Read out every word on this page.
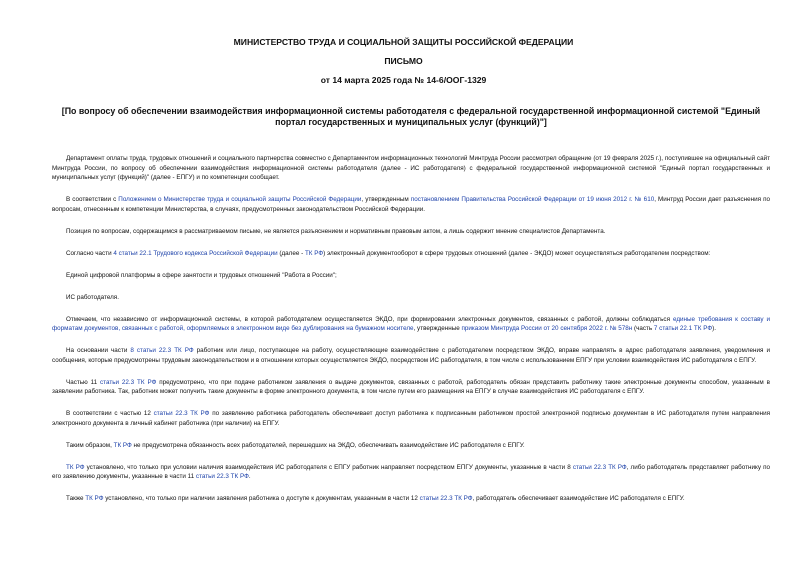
МИНИСТЕРСТВО ТРУДА И СОЦИАЛЬНОЙ ЗАЩИТЫ РОССИЙСКОЙ ФЕДЕРАЦИИ
ПИСЬМО
от 14 марта 2025 года № 14-6/ООГ-1329
[По вопросу об обеспечении взаимодействия информационной системы работодателя с федеральной государственной информационной системой "Единый портал государственных и муниципальных услуг (функций)"]

Департамент оплаты труда, трудовых отношений и социального партнерства совместно с Департаментом информационных технологий Минтруда России рассмотрел обращение (от 19 февраля 2025 г.), поступившее на официальный сайт Минтруда России, по вопросу об обеспечении взаимодействия информационной системы работодателя (далее - ИС работодателя) с федеральной государственной информационной системой "Единый портал государственных и муниципальных услуг (функций)" (далее - ЕПГУ) и по компетенции сообщает.

В соответствии с Положением о Министерстве труда и социальной защиты Российской Федерации, утвержденным постановлением Правительства Российской Федерации от 19 июня 2012 г. № 610, Минтруд России дает разъяснения по вопросам, отнесенным к компетенции Министерства, в случаях, предусмотренных законодательством Российской Федерации.

Позиция по вопросам, содержащимся в рассматриваемом письме, не является разъяснением и нормативным правовым актом, а лишь содержит мнение специалистов Департамента.

Согласно части 4 статьи 22.1 Трудового кодекса Российской Федерации (далее - ТК РФ) электронный документооборот в сфере трудовых отношений (далее - ЭКДО) может осуществляться работодателем посредством:

Единой цифровой платформы в сфере занятости и трудовых отношений "Работа в России";

ИС работодателя.

Отмечаем, что независимо от информационной системы, в которой работодателем осуществляется ЭКДО, при формировании электронных документов, связанных с работой, должны соблюдаться единые требования к составу и форматам документов, связанных с работой, оформляемых в электронном виде без дублирования на бумажном носителе, утвержденные приказом Минтруда России от 20 сентября 2022 г. № 578н (часть 7 статьи 22.1 ТК РФ).

На основании части 8 статьи 22.3 ТК РФ работник или лицо, поступающее на работу, осуществляющие взаимодействие с работодателем посредством ЭКДО, вправе направлять в адрес работодателя заявления, уведомления и сообщения, которые предусмотрены трудовым законодательством и в отношении которых осуществляется ЭКДО, посредством ИС работодателя, в том числе с использованием ЕПГУ при условии взаимодействия ИС работодателя с ЕПГУ.

Частью 11 статьи 22.3 ТК РФ предусмотрено, что при подаче работником заявления о выдаче документов, связанных с работой, работодатель обязан представить работнику такие электронные документы способом, указанным в заявлении работника. Так, работник может получить такие документы в форме электронного документа, в том числе путем его размещения на ЕПГУ в случае взаимодействия ИС работодателя с ЕПГУ.

В соответствии с частью 12 статьи 22.3 ТК РФ по заявлению работника работодатель обеспечивает доступ работника к подписанным работником простой электронной подписью документам в ИС работодателя путем направления электронного документа в личный кабинет работника (при наличии) на ЕПГУ.

Таким образом, ТК РФ не предусмотрена обязанность всех работодателей, перешедших на ЭКДО, обеспечивать взаимодействие ИС работодателя с ЕПГУ.

ТК РФ установлено, что только при условии наличия взаимодействия ИС работодателя с ЕПГУ работник направляет посредством ЕПГУ документы, указанные в части 8 статьи 22.3 ТК РФ, либо работодатель представляет работнику по его заявлению документы, указанные в части 11 статьи 22.3 ТК РФ.

Также ТК РФ установлено, что только при наличии заявления работника о доступе к документам, указанным в части 12 статьи 22.3 ТК РФ, работодатель обеспечивает взаимодействие ИС работодателя с ЕПГУ.
